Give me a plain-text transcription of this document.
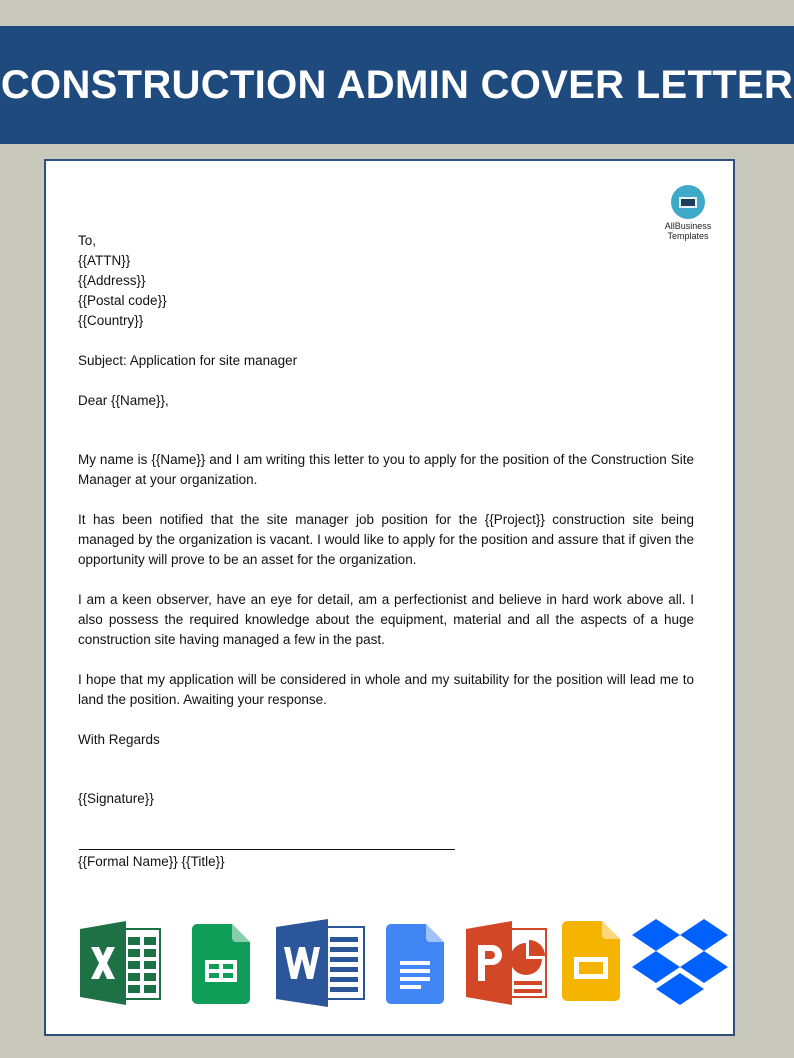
CONSTRUCTION ADMIN COVER LETTER
AllBusiness
Templates

To,

{{ATTN}}

{{Address}}

{{Postal code}}

{{Country}}

Subject: Application for site manager

Dear {{Name}},

My name is {{Name}} and I am writing this letter to you to apply for the position of the Construction Site Manager at your organization.

It has been notified that the site manager job position for the {{Project}} construction site being managed by the organization is vacant. I would like to apply for the position and assure that if given the opportunity will prove to be an asset for the organization.

I am a keen observer, have an eye for detail, am a perfectionist and believe in hard work above all. I also possess the required knowledge about the equipment, material and all the aspects of a huge construction site having managed a few in the past.

I hope that my application will be considered in whole and my suitability for the position will lead me to land the position. Awaiting your response.

With Regards

{{Signature}}

{{Formal Name}} {{Title}}
